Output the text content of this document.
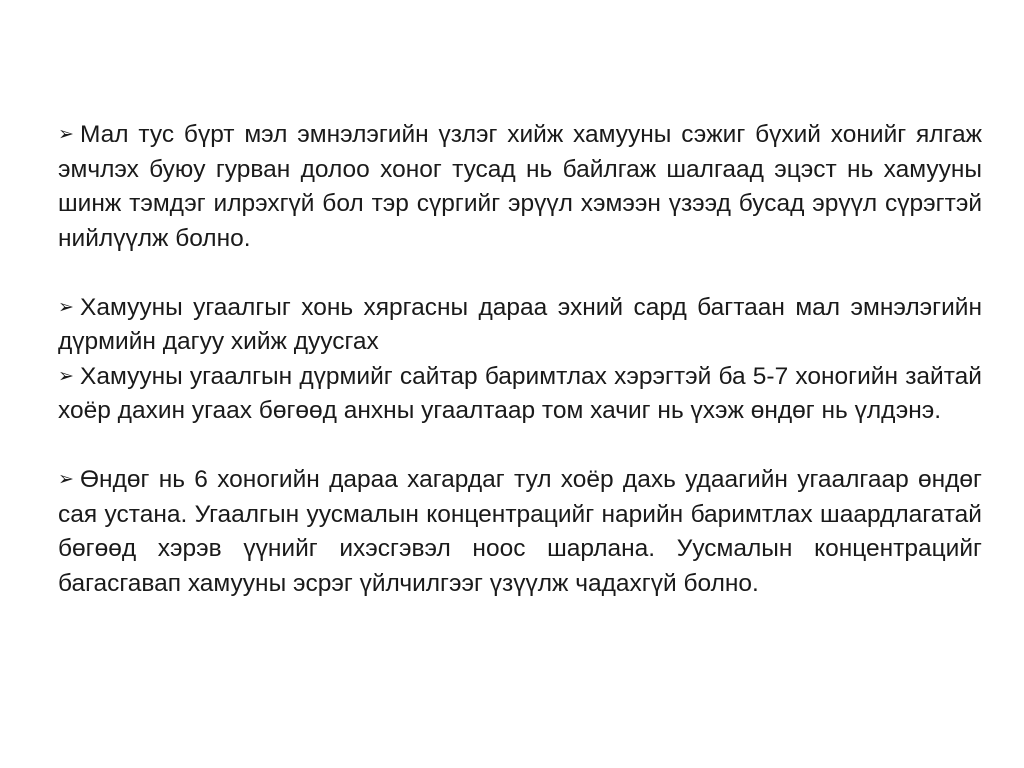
➢ Мал тус бүрт мэл эмнэлэгийн үзлэг хийж хамууны сэжиг бүхий хонийг ялгаж эмчлэх буюу гурван долоо хоног тусад нь байлгаж шалгаад эцэст нь хамууны шинж тэмдэг илрэхгүй бол тэр сүргийг эрүүл хэмээн үзээд бусад эрүүл сүрэгтэй нийлүүлж болно.

➢ Хамууны угаалгыг хонь хяргасны дараа эхний сард багтаан мал эмнэлэгийн дүрмийн дагуу хийж дуусгах

➢ Хамууны угаалгын дүрмийг сайтар баримтлах хэрэгтэй ба 5-7 хоногийн зайтай хоёр дахин угаах бөгөөд анхны угаалтаар том хачиг нь үхэж өндөг нь үлдэнэ.

➢ Өндөг нь 6 хоногийн дараа хагардаг тул хоёр дахь удаагийн угаалгаар өндөг сая устана. Угаалгын уусмалын концентрацийг нарийн баримтлах шаардлагатай бөгөөд хэрэв үүнийг ихэсгэвэл ноос шарлана. Уусмалын концентрацийг багасгавап хамууны эсрэг үйлчилгээг үзүүлж чадахгүй болно.
